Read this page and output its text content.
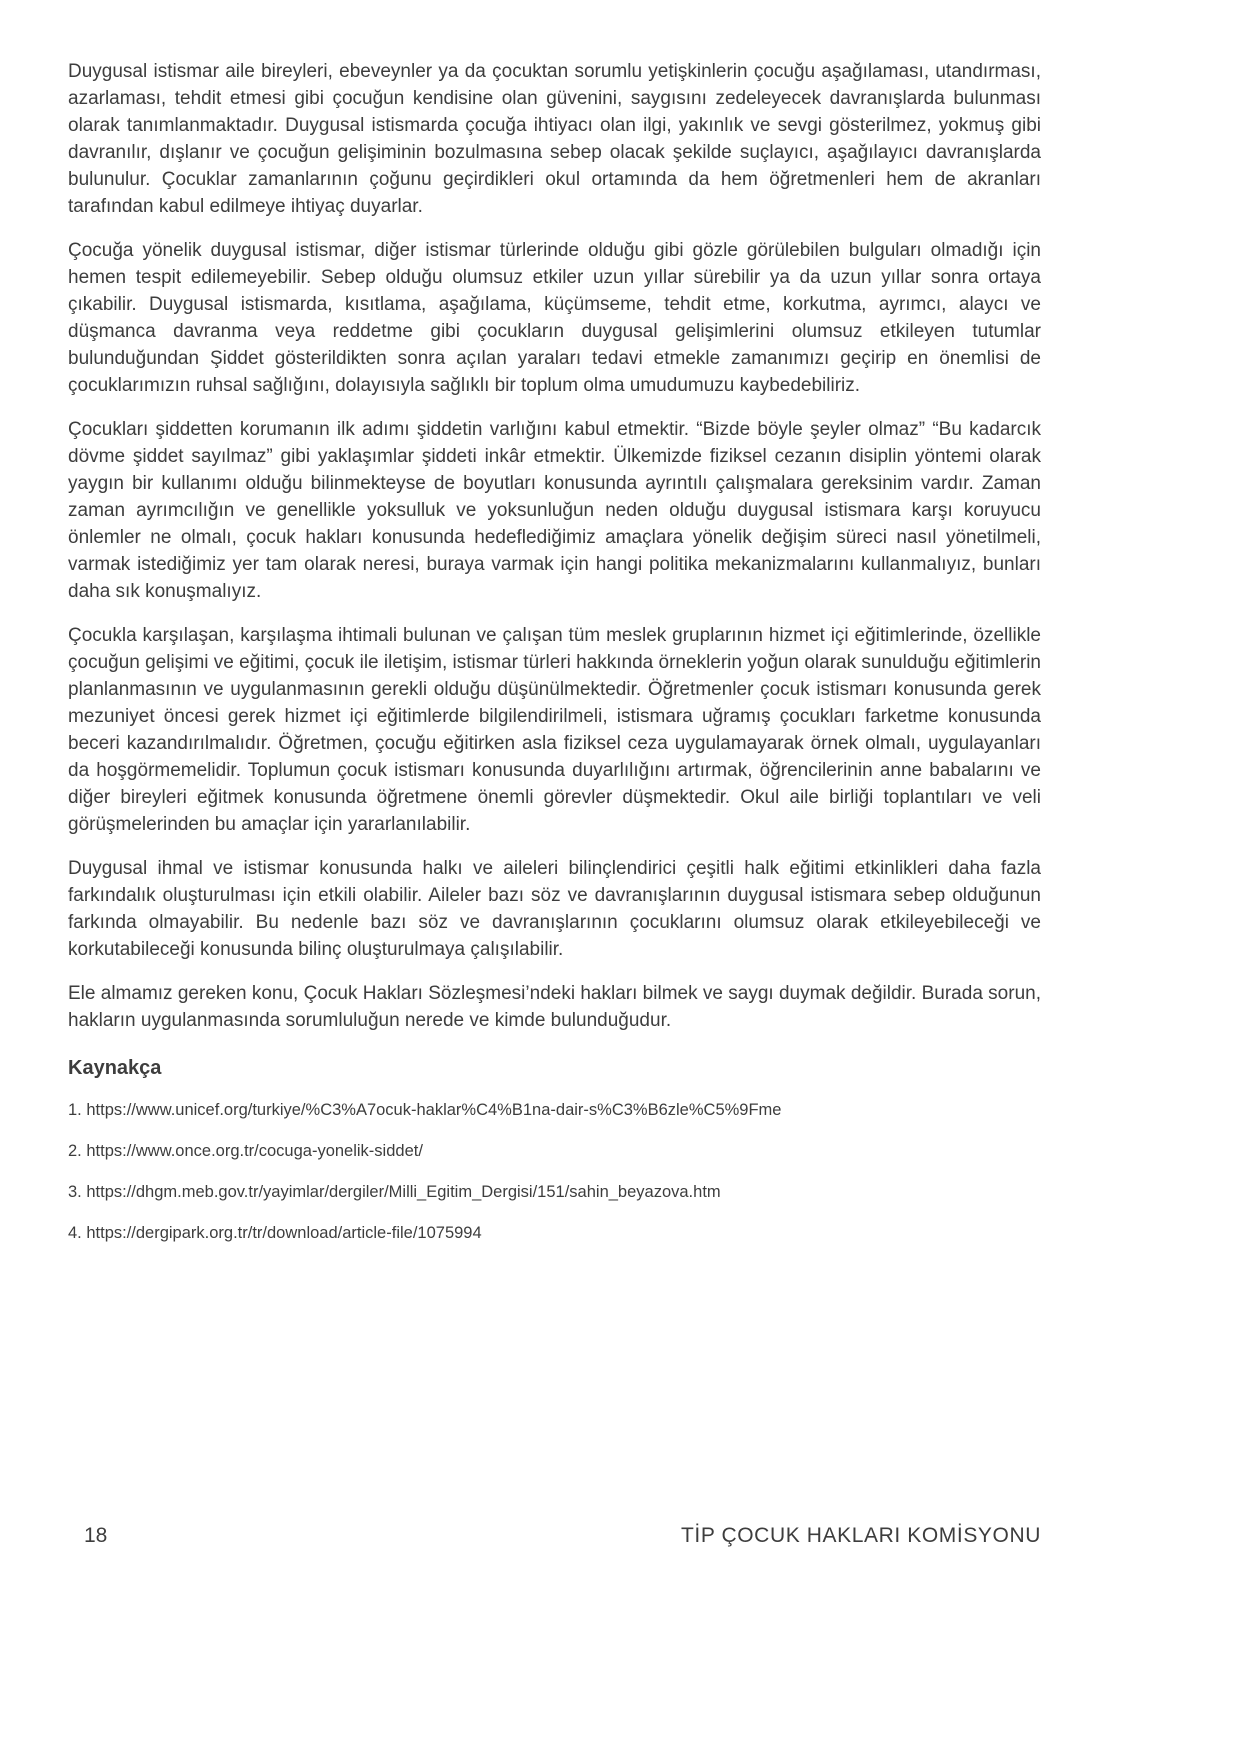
Duygusal istismar aile bireyleri, ebeveynler ya da çocuktan sorumlu yetişkinlerin çocuğu aşağılaması, utandırması, azarlaması, tehdit etmesi gibi çocuğun kendisine olan güvenini, saygısını zedeleyecek davranışlarda bulunması olarak tanımlanmaktadır. Duygusal istismarda çocuğa ihtiyacı olan ilgi, yakınlık ve sevgi gösterilmez, yokmuş gibi davranılır, dışlanır ve çocuğun gelişiminin bozulmasına sebep olacak şekilde suçlayıcı, aşağılayıcı davranışlarda bulunulur. Çocuklar zamanlarının çoğunu geçirdikleri okul ortamında da hem öğretmenleri hem de akranları tarafından kabul edilmeye ihtiyaç duyarlar.

Çocuğa yönelik duygusal istismar, diğer istismar türlerinde olduğu gibi gözle görülebilen bulguları olmadığı için hemen tespit edilemeyebilir. Sebep olduğu olumsuz etkiler uzun yıllar sürebilir ya da uzun yıllar sonra ortaya çıkabilir. Duygusal istismarda, kısıtlama, aşağılama, küçümseme, tehdit etme, korkutma, ayrımcı, alaycı ve düşmanca davranma veya reddetme gibi çocukların duygusal gelişimlerini olumsuz etkileyen tutumlar bulunduğundan Şiddet gösterildikten sonra açılan yaraları tedavi etmekle zamanımızı geçirip en önemlisi de çocuklarımızın ruhsal sağlığını, dolayısıyla sağlıklı bir toplum olma umudumuzu kaybedebiliriz.

Çocukları şiddetten korumanın ilk adımı şiddetin varlığını kabul etmektir. “Bizde böyle şeyler olmaz” “Bu kadarcık dövme şiddet sayılmaz” gibi yaklaşımlar şiddeti inkâr etmektir. Ülkemizde fiziksel cezanın disiplin yöntemi olarak yaygın bir kullanımı olduğu bilinmekteyse de boyutları konusunda ayrıntılı çalışmalara gereksinim vardır. Zaman zaman ayrımcılığın ve genellikle yoksulluk ve yoksunluğun neden olduğu duygusal istismara karşı koruyucu önlemler ne olmalı, çocuk hakları konusunda hedeflediğimiz amaçlara yönelik değişim süreci nasıl yönetilmeli, varmak istediğimiz yer tam olarak neresi, buraya varmak için hangi politika mekanizmalarını kullanmalıyız, bunları daha sık konuşmalıyız.

Çocukla karşılaşan, karşılaşma ihtimali bulunan ve çalışan tüm meslek gruplarının hizmet içi eğitimlerinde, özellikle çocuğun gelişimi ve eğitimi, çocuk ile iletişim, istismar türleri hakkında örneklerin yoğun olarak sunulduğu eğitimlerin planlanmasının ve uygulanmasının gerekli olduğu düşünülmektedir. Öğretmenler çocuk istismarı konusunda gerek mezuniyet öncesi gerek hizmet içi eğitimlerde bilgilendirilmeli, istismara uğramış çocukları farketme konusunda beceri kazandırılmalıdır. Öğretmen, çocuğu eğitirken asla fiziksel ceza uygulamayarak örnek olmalı, uygulayanları da hoşgörmemelidir. Toplumun çocuk istismarı konusunda duyarlılığını artırmak, öğrencilerinin anne babalarını ve diğer bireyleri eğitmek konusunda öğretmene önemli görevler düşmektedir. Okul aile birliği toplantıları ve veli görüşmelerinden bu amaçlar için yararlanılabilir.

Duygusal ihmal ve istismar konusunda halkı ve aileleri bilinçlendirici çeşitli halk eğitimi etkinlikleri daha fazla farkındalık oluşturulması için etkili olabilir. Aileler bazı söz ve davranışlarının duygusal istismara sebep olduğunun farkında olmayabilir. Bu nedenle bazı söz ve davranışlarının çocuklarını olumsuz olarak etkileyebileceği ve korkutabileceği konusunda bilinç oluşturulmaya çalışılabilir.

Ele almamız gereken konu, Çocuk Hakları Sözleşmesi’ndeki hakları bilmek ve saygı duymak değildir. Burada sorun, hakların uygulanmasında sorumluluğun nerede ve kimde bulunduğudur.

Kaynakça

1. https://www.unicef.org/turkiye/%C3%A7ocuk-haklar%C4%B1na-dair-s%C3%B6zle%C5%9Fme

2. https://www.once.org.tr/cocuga-yonelik-siddet/

3. https://dhgm.meb.gov.tr/yayimlar/dergiler/Milli_Egitim_Dergisi/151/sahin_beyazova.htm

4. https://dergipark.org.tr/tr/download/article-file/1075994

18	TİP ÇOCUK HAKLARI KOMİSYONU
